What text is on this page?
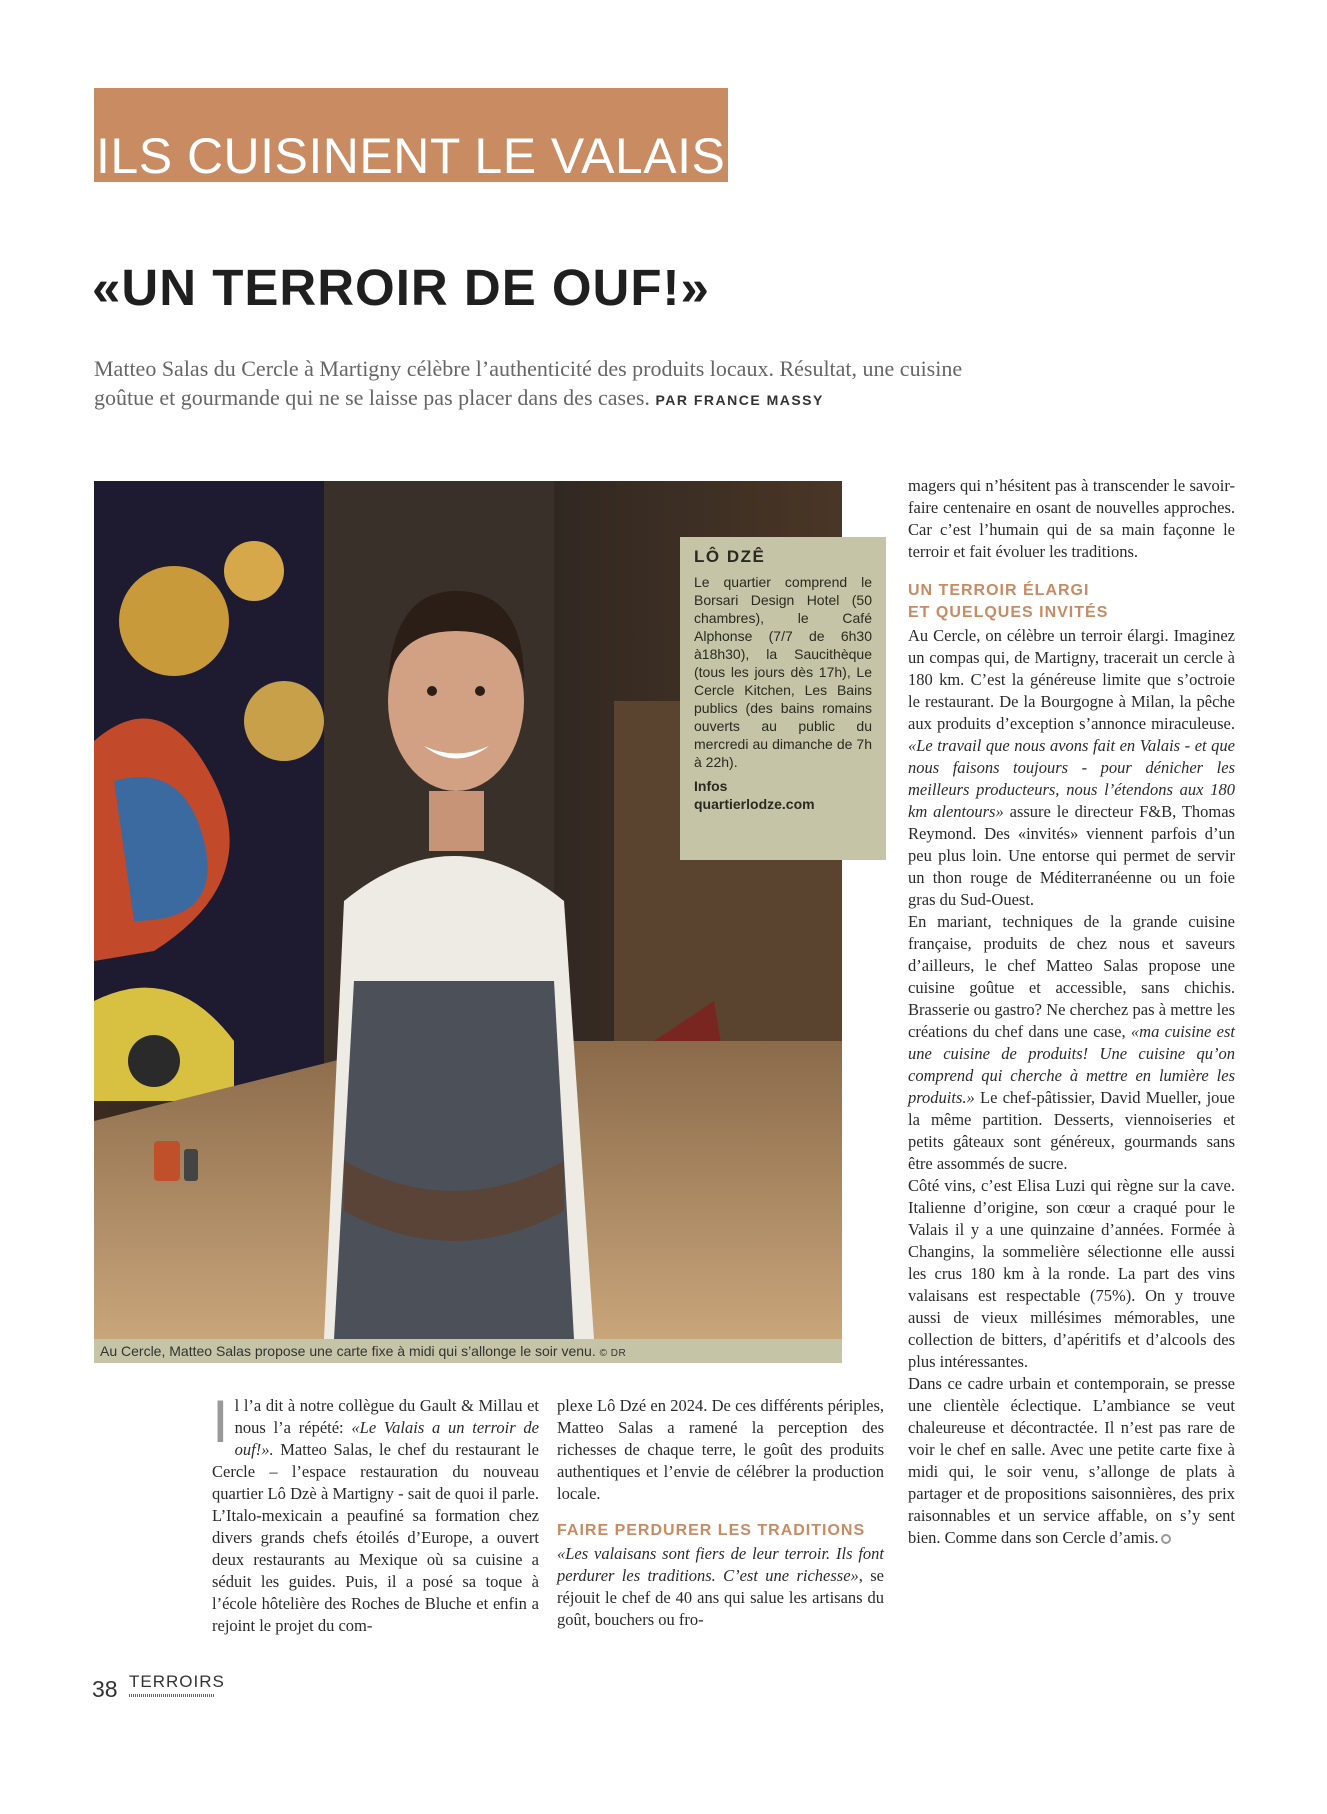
ILS CUISINENT LE VALAIS
«UN TERROIR DE OUF!»
Matteo Salas du Cercle à Martigny célèbre l’authenticité des produits locaux. Résultat, une cuisine goûtue et gourmande qui ne se laisse pas placer dans des cases. PAR FRANCE MASSY
LÔ DZÊ

Le quartier comprend le Borsari Design Hotel (50 chambres), le Café Alphonse (7/7 de 6h30 à18h30), la Saucithèque (tous les jours dès 17h), Le Cercle Kitchen, Les Bains publics (des bains romains ouverts au public du mercredi au dimanche de 7h à 22h).

Infos
quartierlodze.com
Au Cercle, Matteo Salas propose une carte fixe à midi qui s’allonge le soir venu. © DR

Il l’a dit à notre collègue du Gault & Millau et nous l’a répété: «Le Valais a un terroir de ouf!». Matteo Salas, le chef du restaurant le Cercle – l’espace restauration du nouveau quartier Lô Dzè à Martigny - sait de quoi il parle. L’Italo-mexicain a peaufiné sa formation chez divers grands chefs étoilés d’Europe, a ouvert deux restaurants au Mexique où sa cuisine a séduit les guides. Puis, il a posé sa toque à l’école hôtelière des Roches de Bluche et enfin a rejoint le projet du com-

plexe Lô Dzé en 2024. De ces différents périples, Matteo Salas a ramené la perception des richesses de chaque terre, le goût des produits authentiques et l’envie de célébrer la production locale.

FAIRE PERDURER LES TRADITIONS

«Les valaisans sont fiers de leur terroir. Ils font perdurer les traditions. C’est une richesse», se réjouit le chef de 40 ans qui salue les artisans du goût, bouchers ou fro-

magers qui n’hésitent pas à transcender le savoir-faire centenaire en osant de nouvelles approches. Car c’est l’humain qui de sa main façonne le terroir et fait évoluer les traditions.

UN TERROIR ÉLARGI
ET QUELQUES INVITÉS

Au Cercle, on célèbre un terroir élargi. Imaginez un compas qui, de Martigny, tracerait un cercle à 180 km. C’est la généreuse limite que s’octroie le restaurant. De la Bourgogne à Milan, la pêche aux produits d’exception s’annonce miraculeuse. «Le travail que nous avons fait en Valais - et que nous faisons toujours - pour dénicher les meilleurs producteurs, nous l’étendons aux 180 km alentours» assure le directeur F&B, Thomas Reymond. Des «invités» viennent parfois d’un peu plus loin. Une entorse qui permet de servir un thon rouge de Méditerranéenne ou un foie gras du Sud-Ouest.

En mariant, techniques de la grande cuisine française, produits de chez nous et saveurs d’ailleurs, le chef Matteo Salas propose une cuisine goûtue et accessible, sans chichis. Brasserie ou gastro? Ne cherchez pas à mettre les créations du chef dans une case, «ma cuisine est une cuisine de produits! Une cuisine qu’on comprend qui cherche à mettre en lumière les produits.» Le chef-pâtissier, David Mueller, joue la même partition. Desserts, viennoiseries et petits gâteaux sont généreux, gourmands sans être assommés de sucre.

Côté vins, c’est Elisa Luzi qui règne sur la cave. Italienne d’origine, son cœur a craqué pour le Valais il y a une quinzaine d’années. Formée à Changins, la sommelière sélectionne elle aussi les crus 180 km à la ronde. La part des vins valaisans est respectable (75%). On y trouve aussi de vieux millésimes mémorables, une collection de bitters, d’apéritifs et d’alcools des plus intéressantes.

Dans ce cadre urbain et contemporain, se presse une clientèle éclectique. L’ambiance se veut chaleureuse et décontractée. Il n’est pas rare de voir le chef en salle. Avec une petite carte fixe à midi qui, le soir venu, s’allonge de plats à partager et de propositions saisonnières, des prix raisonnables et un service affable, on s’y sent bien. Comme dans son Cercle d’amis.

38 TERROIRS
